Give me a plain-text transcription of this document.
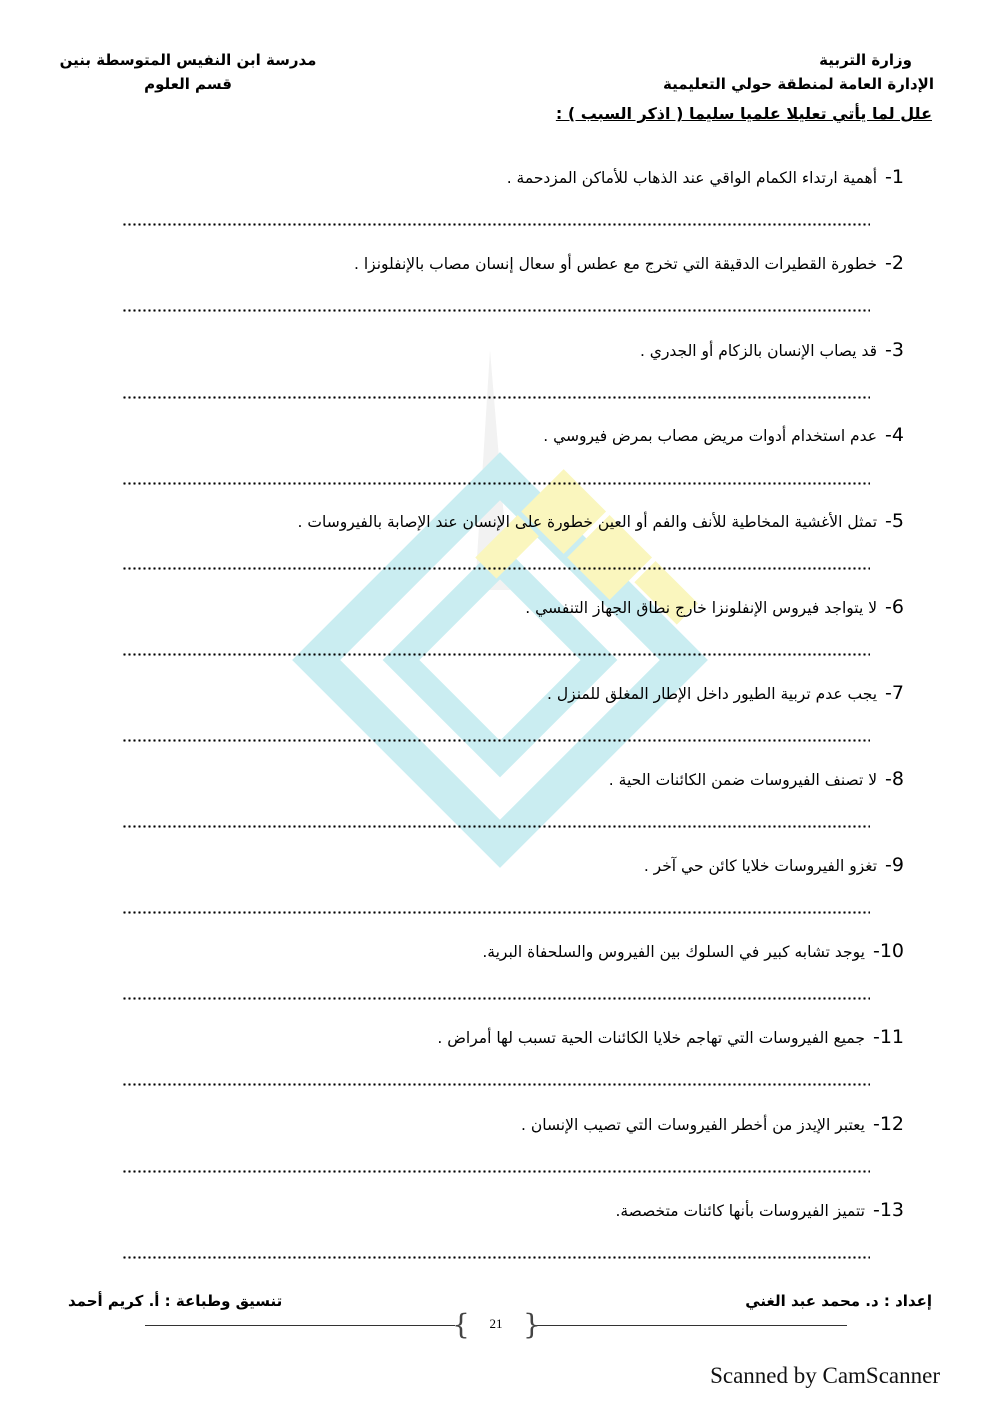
وزارة التربية
الإدارة العامة لمنطقة حولي التعليمية
مدرسة ابن النفيس المتوسطة بنين
قسم العلوم
علل لما يأتي تعليلا علميا سليما ( اذكر السبب ) :
1-أهمية ارتداء الكمام الواقي عند الذهاب للأماكن المزدحمة .
2-خطورة القطيرات الدقيقة التي تخرج مع عطس أو سعال إنسان مصاب بالإنفلونزا .
3-قد يصاب الإنسان بالزكام أو الجدري .
4-عدم استخدام أدوات مريض مصاب بمرض فيروسي .
5-تمثل الأغشية المخاطية للأنف والفم أو العين خطورة على الإنسان عند الإصابة بالفيروسات .
6-لا يتواجد فيروس الإنفلونزا خارج نطاق الجهاز التنفسي .
7-يجب عدم تربية الطيور داخل الإطار المغلق للمنزل .
8-لا تصنف الفيروسات ضمن الكائنات الحية .
9-تغزو الفيروسات خلايا كائن حي آخر .
10-يوجد تشابه كبير في السلوك بين الفيروس والسلحفاة البرية.
11-جميع الفيروسات التي تهاجم خلايا الكائنات الحية تسبب لها أمراض .
12-يعتبر الإيدز من أخطر الفيروسات التي تصيب الإنسان .
13-تتميز الفيروسات بأنها كائنات متخصصة.
إعداد : د. محمد عبد الغني
تنسيق وطباعة : أ. كريم أحمد
{ }
21
Scanned by CamScanner
